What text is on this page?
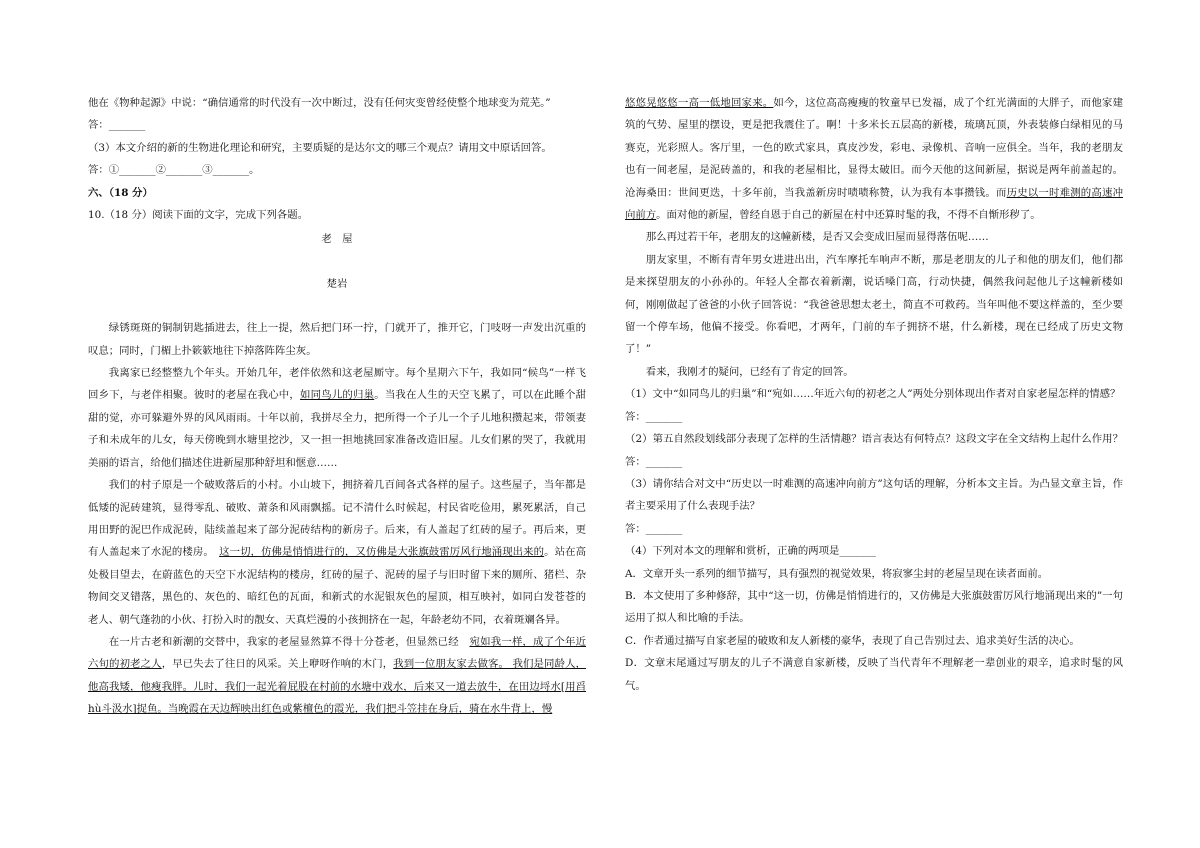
他在《物种起源》中说：“确信通常的时代没有一次中断过，没有任何灾变曾经使整个地球变为荒芜。”

答：_______

（3）本文介绍的新的生物进化理论和研究，主要质疑的是达尔文的哪三个观点？请用文中原话回答。

答：①_______②_______③_______。

六、（18 分）

10.（18 分）阅读下面的文字，完成下列各题。

老　屋

楚岩

绿锈斑斑的铜制钥匙插进去，往上一提，然后把门环一拧，门就开了，推开它，门吱呀一声发出沉重的叹息；同时，门楣上扑簌簌地往下掉落阵阵尘灰。

我离家已经整整九个年头。开始几年，老伴依然和这老屋厮守。每个星期六下午，我如同“候鸟”一样飞回乡下，与老伴相聚。彼时的老屋在我心中，如同鸟儿的归巢。当我在人生的天空飞累了，可以在此睡个甜甜的觉，亦可躲避外界的风风雨雨。十年以前，我拼尽全力，把所得一个子儿一个子儿地积攒起来，带领妻子和未成年的儿女，每天傍晚到水塘里挖沙，又一担一担地挑回家准备改造旧屋。儿女们累的哭了，我就用美丽的语言，给他们描述住进新屋那种舒坦和惬意……

我们的村子原是一个破败落后的小村。小山坡下，拥挤着几百间各式各样的屋子。这些屋子，当年都是低矮的泥砖建筑，显得零乱、破败、萧条和风雨飘摇。记不清什么时候起，村民省吃俭用，累死累活，自己用田野的泥巴作成泥砖，陆续盖起来了部分泥砖结构的新房子。后来，有人盖起了红砖的屋子。再后来，更有人盖起来了水泥的楼房。　这一切，仿佛是悄悄进行的，又仿佛是大张旗鼓雷厉风行地涌现出来的。站在高处极目望去，在蔚蓝色的天空下水泥结构的楼房，红砖的屋子、泥砖的屋子与旧时留下来的厕所、猪栏、杂物间交叉错落，黑色的、灰色的、暗红色的瓦面，和新式的水泥银灰色的屋顶，相互映衬，如同白发苍苍的老人、朝气蓬勃的小伙、打扮入时的靓女、天真烂漫的小孩拥挤在一起，年龄老幼不同，衣着斑斓各异。

在一片古老和新潮的交替中，我家的老屋显然算不得十分苍老，但显然已经　宛如我一样，成了个年近六旬的初老之人，早已失去了往日的风采。关上咿呀作响的木门，我到一位朋友家去做客。 我们是同龄人，他高我矮，他瘦我胖。儿时，我们一起光着屁股在村前的水塘中戏水，后来又一道去放牛，在田边埒水[用舀 hù斗汲水]捉鱼。当晚霞在天边辉映出红色或紫檀色的霞光，我们把斗笠挂在身后，骑在水牛背上，慢

悠悠晃悠悠一高一低地回家来。如今，这位高高瘦瘦的牧童早已发福，成了个红光满面的大胖子，而他家建筑的气势、屋里的摆设，更是把我震住了。啊！十多米长五层高的新楼，琉璃瓦顶，外表装修白绿相见的马赛克，光彩照人。客厅里，一色的欧式家具，真皮沙发，彩电、录像机、音响一应俱全。当年，我的老朋友也有一间老屋，是泥砖盖的，和我的老屋相比，显得太破旧。而今天他的这间新屋，据说是两年前盖起的。沧海桑田：世间更迭，十多年前，当我盖新房时啧啧称赞，认为我有本事攒钱。而历史以一时难测的高速冲向前方。面对他的新屋，曾经自恩于自己的新屋在村中还算时髦的我，不得不自惭形秽了。

那么再过若干年，老朋友的这幢新楼，是否又会变成旧屋而显得落伍呢……

朋友家里，不断有青年男女进进出出，汽车摩托车响声不断，那是老朋友的儿子和他的朋友们，他们都是来探望朋友的小孙孙的。年轻人全都衣着新潮，说话嗓门高，行动快捷，偶然我问起他儿子这幢新楼如何，刚刚做起了爸爸的小伙子回答说：“我爸爸思想太老土，简直不可救药。当年叫他不要这样盖的，至少要留一个停车场，他偏不接受。你看吧，才两年，门前的车子拥挤不堪，什么新楼，现在已经成了历史文物了！”

看来，我刚才的疑问，已经有了肯定的回答。

（1）文中“如同鸟儿的归巢”和“宛如……年近六旬的初老之人”两处分别体现出作者对自家老屋怎样的情感？

答：_______

（2）第五自然段划线部分表现了怎样的生活情趣？语言表达有何特点？这段文字在全文结构上起什么作用？答：_______

（3）请你结合对文中“历史以一时难测的高速冲向前方”这句话的理解，分析本文主旨。为凸显文章主旨，作者主要采用了什么表现手法？

答：_______

（4）下列对本文的理解和赏析，正确的两项是_______

A．文章开头一系列的细节描写，具有强烈的视觉效果，将寂寥尘封的老屋呈现在读者面前。

B．本文使用了多种修辞，其中“这一切，仿佛是悄悄进行的，又仿佛是大张旗鼓雷厉风行地涌现出来的”一句运用了拟人和比喻的手法。

C．作者通过描写自家老屋的破败和友人新楼的豪华，表现了自己告别过去、追求美好生活的决心。

D．文章末尾通过写朋友的儿子不满意自家新楼，反映了当代青年不理解老一辈创业的艰辛，追求时髦的风气。
